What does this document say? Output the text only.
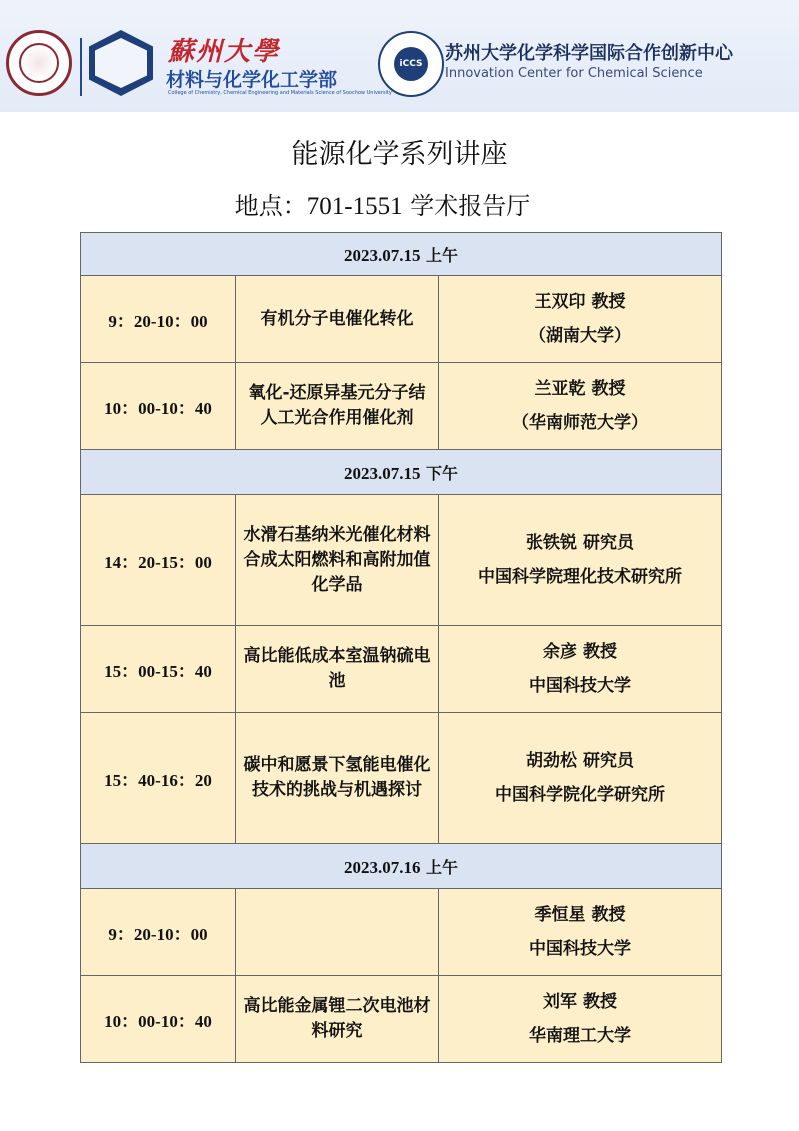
蘇州大學
材料与化学化工学部
College of Chemistry, Chemical Engineering and Materials Science of Soochow University
iCCS	苏州大学化学科学国际合作创新中心
Innovation Center for Chemical Science
能源化学系列讲座
地点：701-1551 学术报告厅
2023.07.15 上午		
9：20-10：00	有机分子电催化转化	王双印 教授
（湖南大学）

10：00-10：40	氧化-还原异基元分子结人工光合作用催化剂	兰亚乾 教授
（华南师范大学）

2023.07.15 下午		
14：20-15：00	水滑石基纳米光催化材料合成太阳燃料和高附加值化学品	张铁锐 研究员
中国科学院理化技术研究所

15：00-15：40	高比能低成本室温钠硫电池	余彦 教授
中国科技大学

15：40-16：20	碳中和愿景下氢能电催化技术的挑战与机遇探讨	胡劲松 研究员
中国科学院化学研究所

2023.07.16 上午		
9：20-10：00		季恒星 教授
中国科技大学

10：00-10：40	高比能金属锂二次电池材料研究	刘军 教授
华南理工大学
